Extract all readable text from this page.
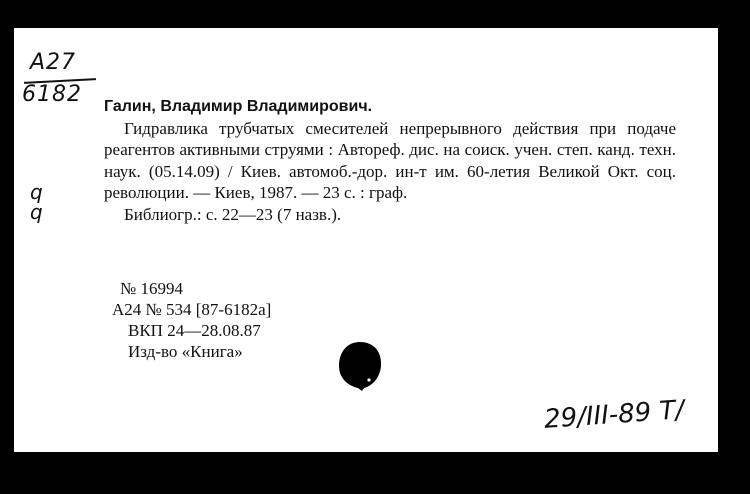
A27
6182
q
q
Галин, Владимир Владимирович.

Гидравлика трубчатых смесителей непрерывного действия при подаче реагентов активными струями : Автореф. дис. на соиск. учен. степ. канд. техн. наук. (05.14.09) / Киев. автомоб.-дор. ин-т им. 60-летия Великой Окт. соц. революции. — Киев, 1987. — 23 с. : граф.

Библиогр.: с. 22—23 (7 назв.).

№ 16994
А24 № 534 [87-6182а]
ВКП 24—28.08.87
Изд-во «Книга»
29/III-89 T/
